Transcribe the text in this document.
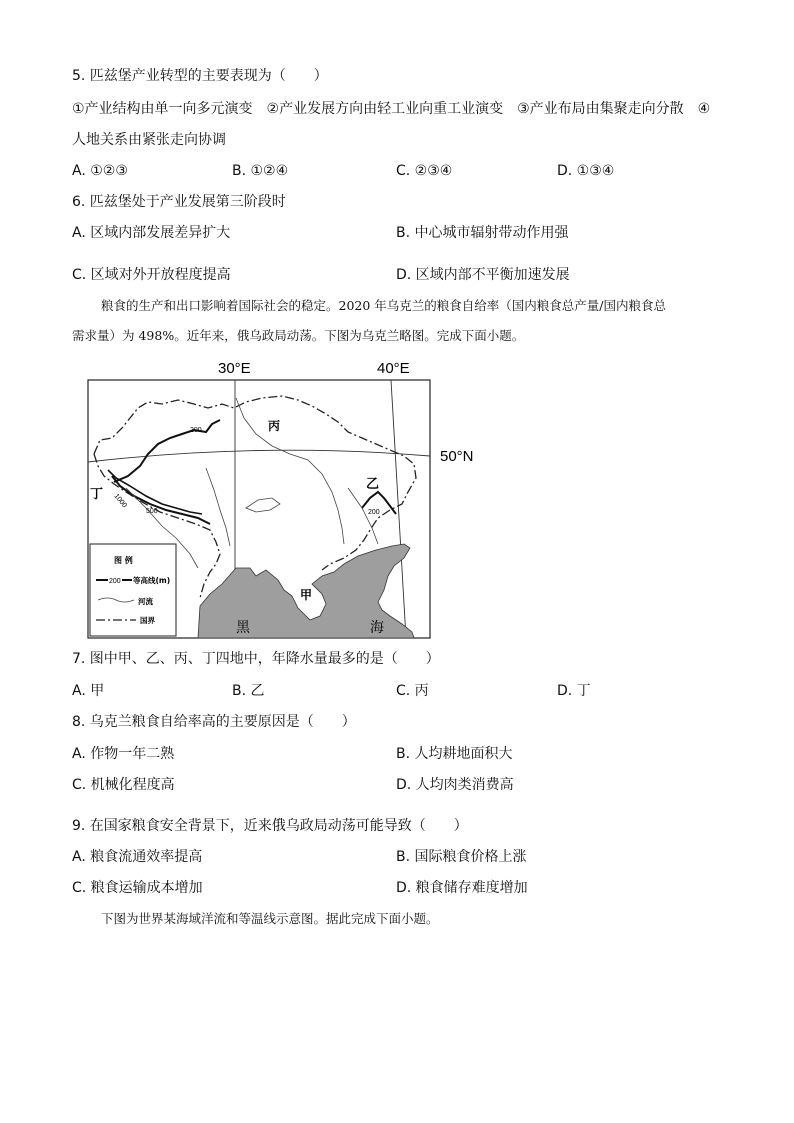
5. 匹兹堡产业转型的主要表现为（　　）
①产业结构由单一向多元演变　②产业发展方向由轻工业向重工业演变　③产业布局由集聚走向分散　④
人地关系由紧张走向协调
A. ①②③	B. ①②④	C. ②③④	D. ①③④
6. 匹兹堡处于产业发展第三阶段时
A. 区域内部发展差异扩大	B. 中心城市辐射带动作用强
C. 区域对外开放程度提高	D. 区域内部不平衡加速发展
粮食的生产和出口影响着国际社会的稳定。2020 年乌克兰的粮食自给率（国内粮食总产量/国内粮食总
需求量）为 498%。近年来，俄乌政局动荡。下图为乌克兰略图。完成下面小题。
30°E	40°E
50°N
200
1000
500	200
丙
乙
甲
丁
黑	海
图 例
200 等高线(m)
河流
国界
7. 图中甲、乙、丙、丁四地中，年降水量最多的是（　　）
A. 甲	B. 乙	C. 丙	D. 丁
8. 乌克兰粮食自给率高的主要原因是（　　）
A. 作物一年二熟	B. 人均耕地面积大
C. 机械化程度高	D. 人均肉类消费高
9. 在国家粮食安全背景下，近来俄乌政局动荡可能导致（　　）
A. 粮食流通效率提高	B. 国际粮食价格上涨
C. 粮食运输成本增加	D. 粮食储存难度增加
下图为世界某海域洋流和等温线示意图。据此完成下面小题。
